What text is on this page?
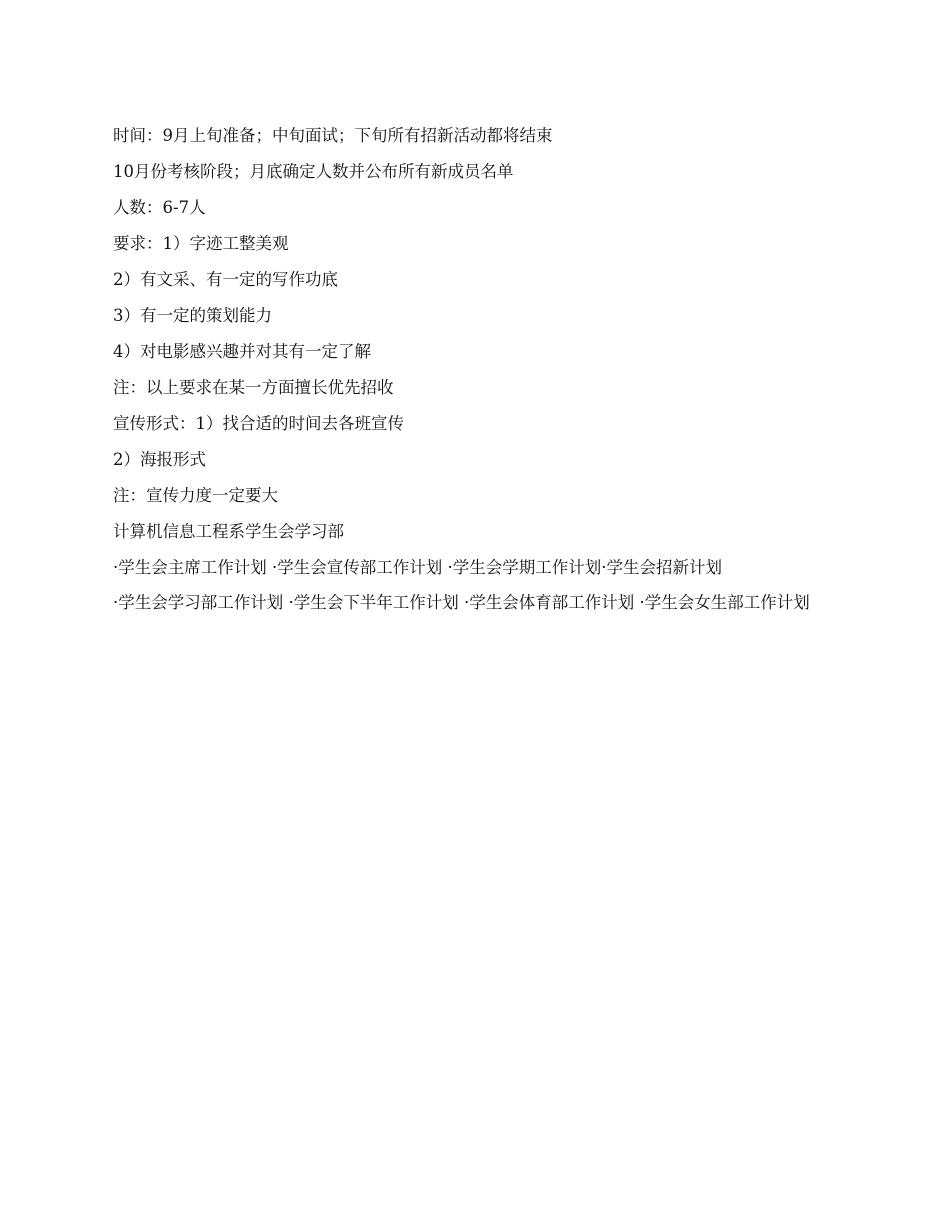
时间：9月上旬准备；中旬面试；下旬所有招新活动都将结束

10月份考核阶段；月底确定人数并公布所有新成员名单

人数：6-7人

要求：1）字迹工整美观

2）有文采、有一定的写作功底

3）有一定的策划能力

4）对电影感兴趣并对其有一定了解

注：以上要求在某一方面擅长优先招收

宣传形式：1）找合适的时间去各班宣传

2）海报形式

注：宣传力度一定要大

计算机信息工程系学生会学习部

·学生会主席工作计划 ·学生会宣传部工作计划 ·学生会学期工作计划·学生会招新计划

·学生会学习部工作计划 ·学生会下半年工作计划 ·学生会体育部工作计划 ·学生会女生部工作计划
